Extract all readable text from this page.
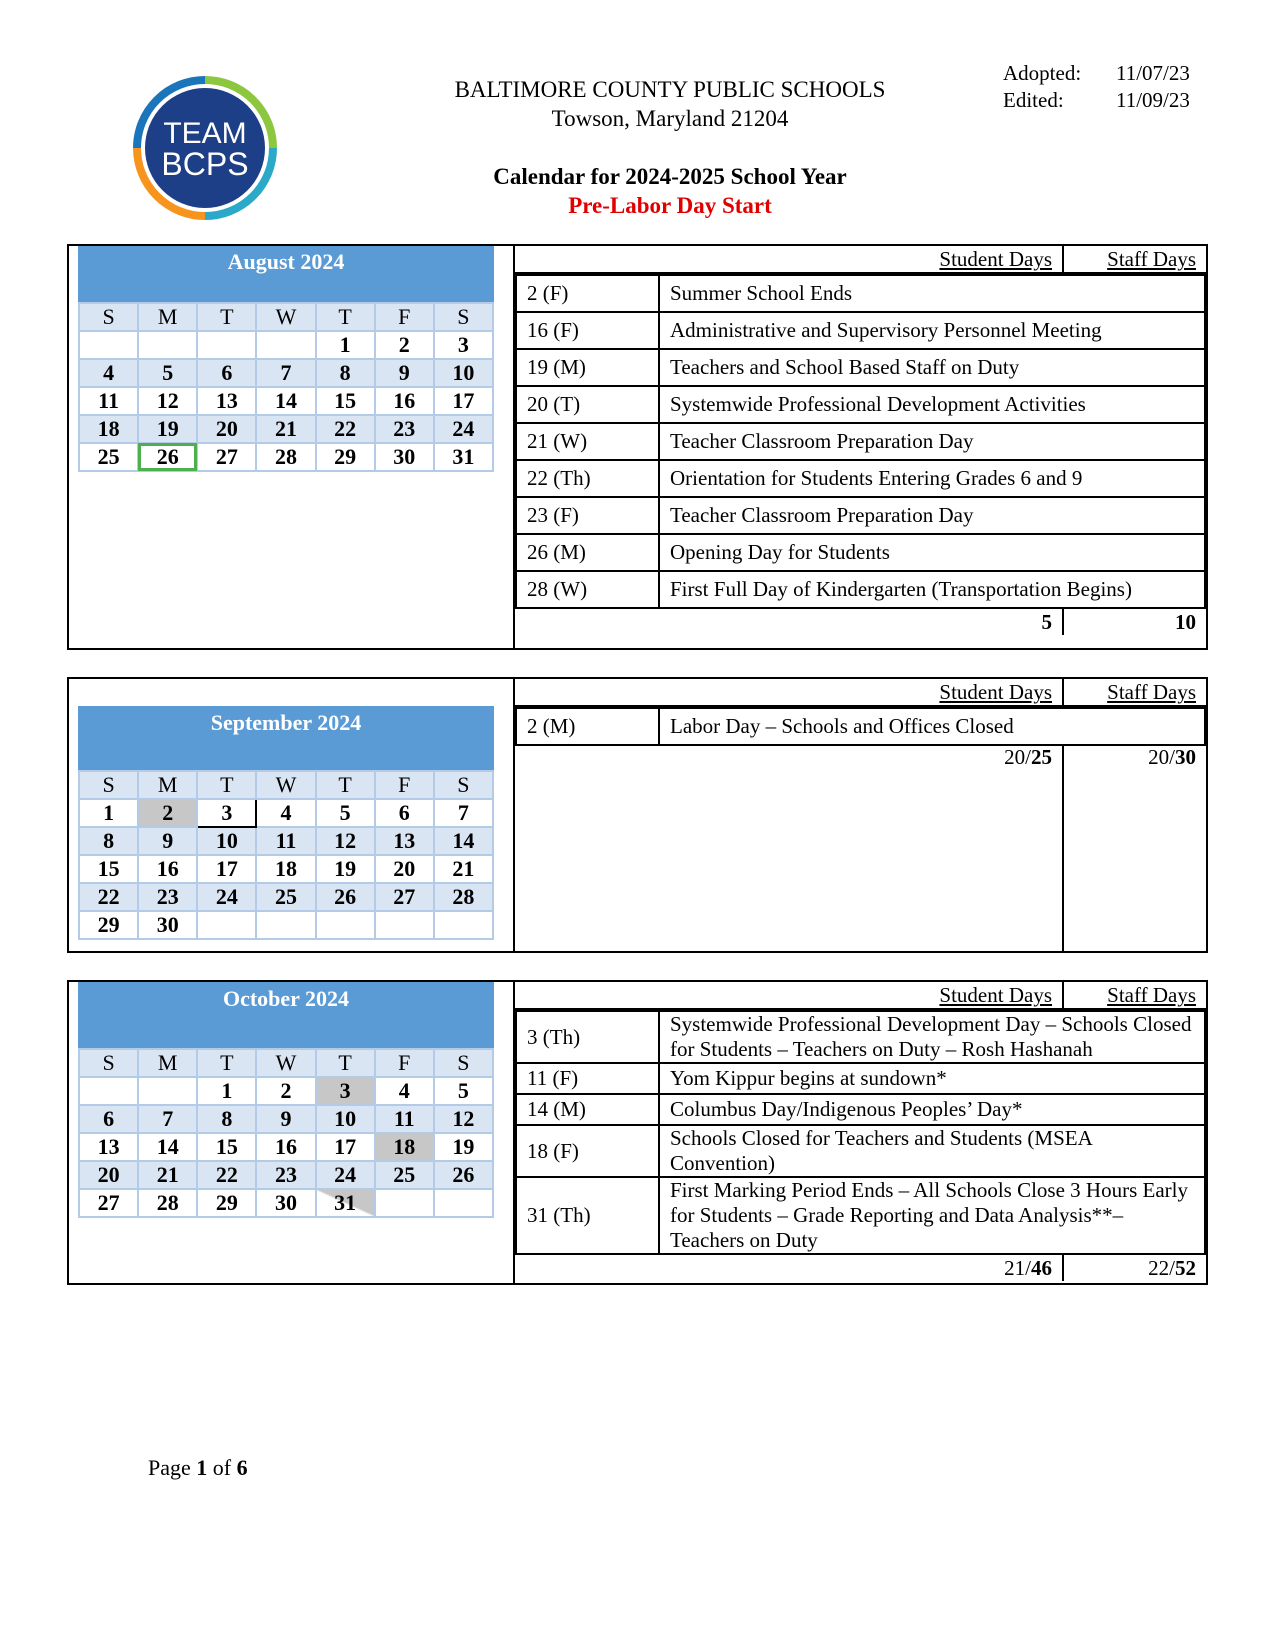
TEAM
BCPS
BALTIMORE COUNTY PUBLIC SCHOOLS
Towson, Maryland 21204
Adopted:	11/07/23
Edited:	11/09/23
Calendar for 2024-2025 School Year
Pre-Labor Day Start
August 2024
S	M	T	W	T	F	S
				1	2	3
4	5	6	7	8	9	10
11	12	13	14	15	16	17
18	19	20	21	22	23	24
25	26	27	28	29	30	31
Student Days	Staff Days
2 (F)	Summer School Ends
16 (F)	Administrative and Supervisory Personnel Meeting
19 (M)	Teachers and School Based Staff on Duty
20 (T)	Systemwide Professional Development Activities
21 (W)	Teacher Classroom Preparation Day
22 (Th)	Orientation for Students Entering Grades 6 and 9
23 (F)	Teacher Classroom Preparation Day
26 (M)	Opening Day for Students
28 (W)	First Full Day of Kindergarten (Transportation Begins)
5	10
September 2024
S	M	T	W	T	F	S
1	2	3	4	5	6	7
8	9	10	11	12	13	14
15	16	17	18	19	20	21
22	23	24	25	26	27	28
29	30					
Student Days	Staff Days
2 (M)	Labor Day – Schools and Offices Closed
20/25	20/30
October 2024
S	M	T	W	T	F	S
		1	2	3	4	5
6	7	8	9	10	11	12
13	14	15	16	17	18	19
20	21	22	23	24	25	26
27	28	29	30	31		
Student Days	Staff Days
3 (Th)	Systemwide Professional Development Day – Schools Closed for Students – Teachers on Duty – Rosh Hashanah
11 (F)	Yom Kippur begins at sundown*
14 (M)	Columbus Day/Indigenous Peoples’ Day*
18 (F)	Schools Closed for Teachers and Students (MSEA Convention)
31 (Th)	First Marking Period Ends – All Schools Close 3 Hours Early for Students – Grade Reporting and Data Analysis**– Teachers on Duty
21/46	22/52
Page 1 of 6
